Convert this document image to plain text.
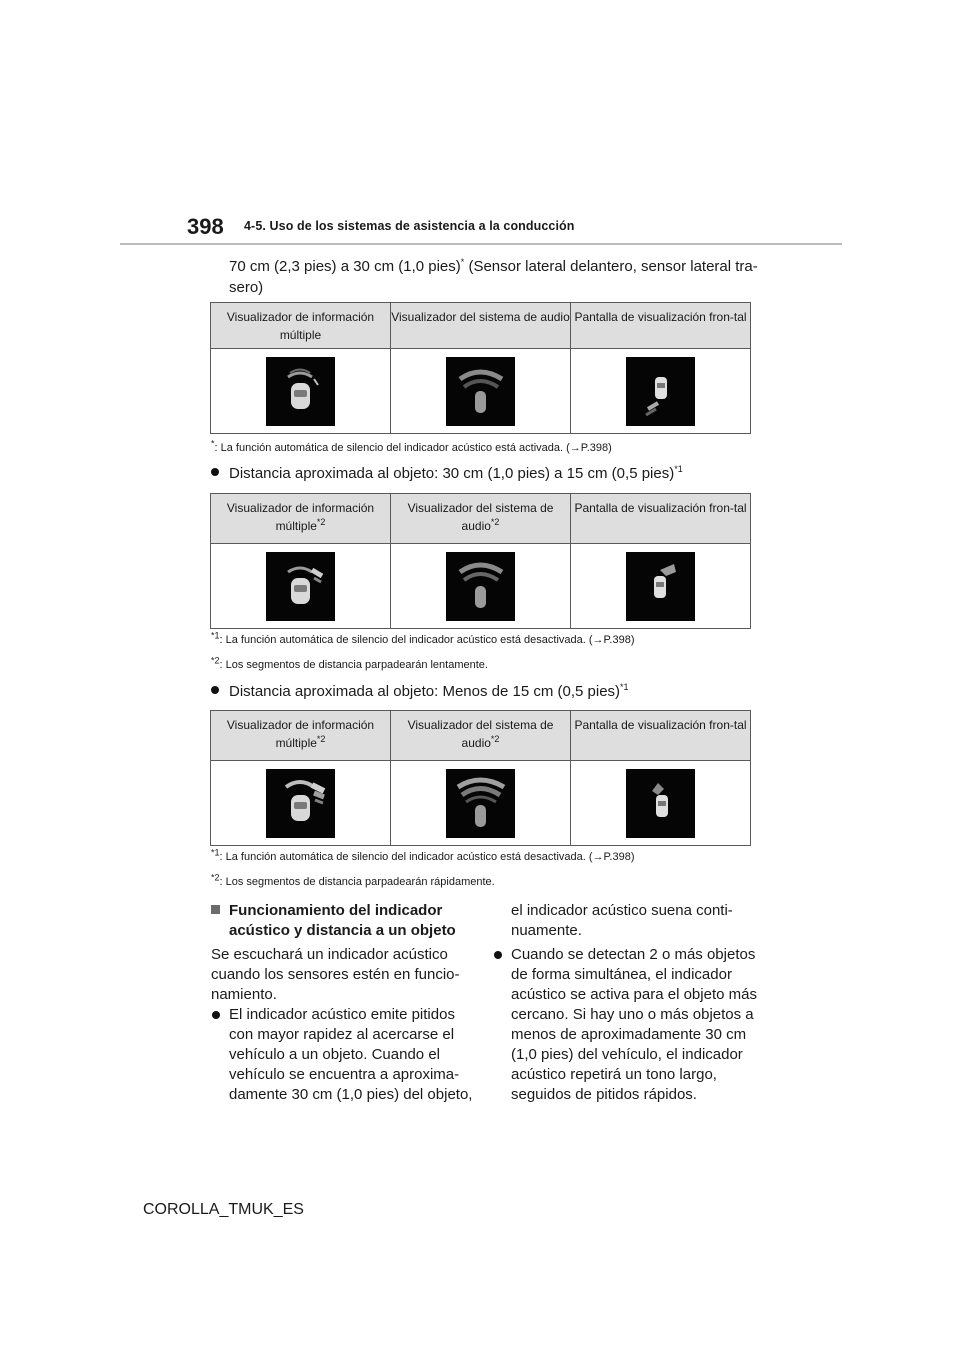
398 4-5. Uso de los sistemas de asistencia a la conducción
70 cm (2,3 pies) a 30 cm (1,0 pies)* (Sensor lateral delantero, sensor lateral tra-sero)
Visualizador de información múltiple	Visualizador del sistema de audio	Pantalla de visualización fron-tal

*: La función automática de silencio del indicador acústico está activada. (→P.398)
Distancia aproximada al objeto: 30 cm (1,0 pies) a 15 cm (0,5 pies)$^{*1}$
Visualizador de información múltiple$^{*2}$	Visualizador del sistema de audio$^{*2}$	Pantalla de visualización fron-tal

$^{*1}$: La función automática de silencio del indicador acústico está desactivada. (→P.398)
$^{*2}$: Los segmentos de distancia parpadearán lentamente.
Distancia aproximada al objeto: Menos de 15 cm (0,5 pies)$^{*1}$
Visualizador de información múltiple$^{*2}$	Visualizador del sistema de audio$^{*2}$	Pantalla de visualización fron-tal

$^{*1}$: La función automática de silencio del indicador acústico está desactivada. (→P.398)
$^{*2}$: Los segmentos de distancia parpadearán rápidamente.
Funcionamiento del indicador
acústico y distancia a un objeto
Se escuchará un indicador acústico cuando los sensores estén en funcio-namiento.
El indicador acústico emite pitidos con mayor rapidez al acercarse el vehículo a un objeto. Cuando el vehículo se encuentra a aproxima-damente 30 cm (1,0 pies) del objeto,
el indicador acústico suena conti-nuamente.
Cuando se detectan 2 o más objetos de forma simultánea, el indicador acústico se activa para el objeto más cercano. Si hay uno o más objetos a menos de aproximadamente 30 cm (1,0 pies) del vehículo, el indicador acústico repetirá un tono largo, seguidos de pitidos rápidos.
COROLLA_TMUK_ES
